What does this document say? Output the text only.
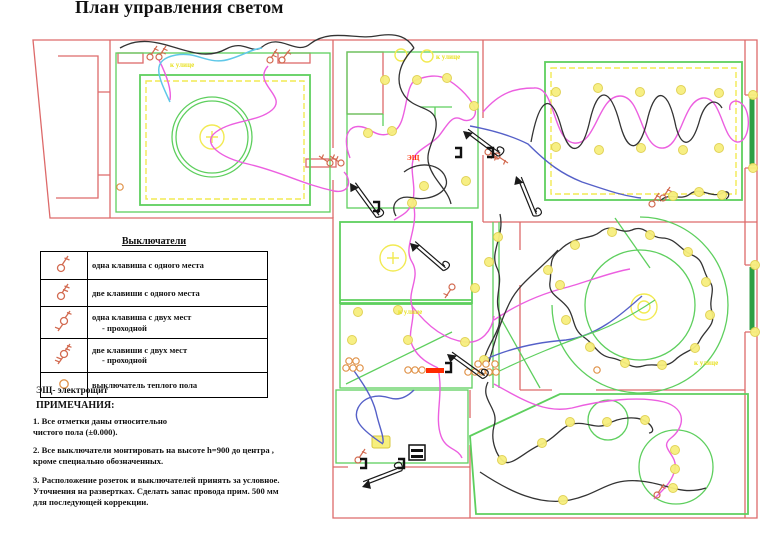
План управления светом
к улице
к улице
к улице
к улице
ЭЩ
Выключатели

одна клавиша с одного места

две клавиши с одного места

одна клавиша с двух мест
- проходной

две клавиши с двух мест
- проходной

выключатель теплого пола
ЭЩ- электрощит
ПРИМЕЧАНИЯ:

1. Все отметки даны относительно
чистого пола (±0.000).

2. Все выключатели монтировать на высоте h=900 до центра ,
кроме специально обозначенных.

3. Расположение розеток и выключателей принять за условное.
Уточнения на развертках. Сделать запас провода прим. 500 мм
для последующей коррекции.
